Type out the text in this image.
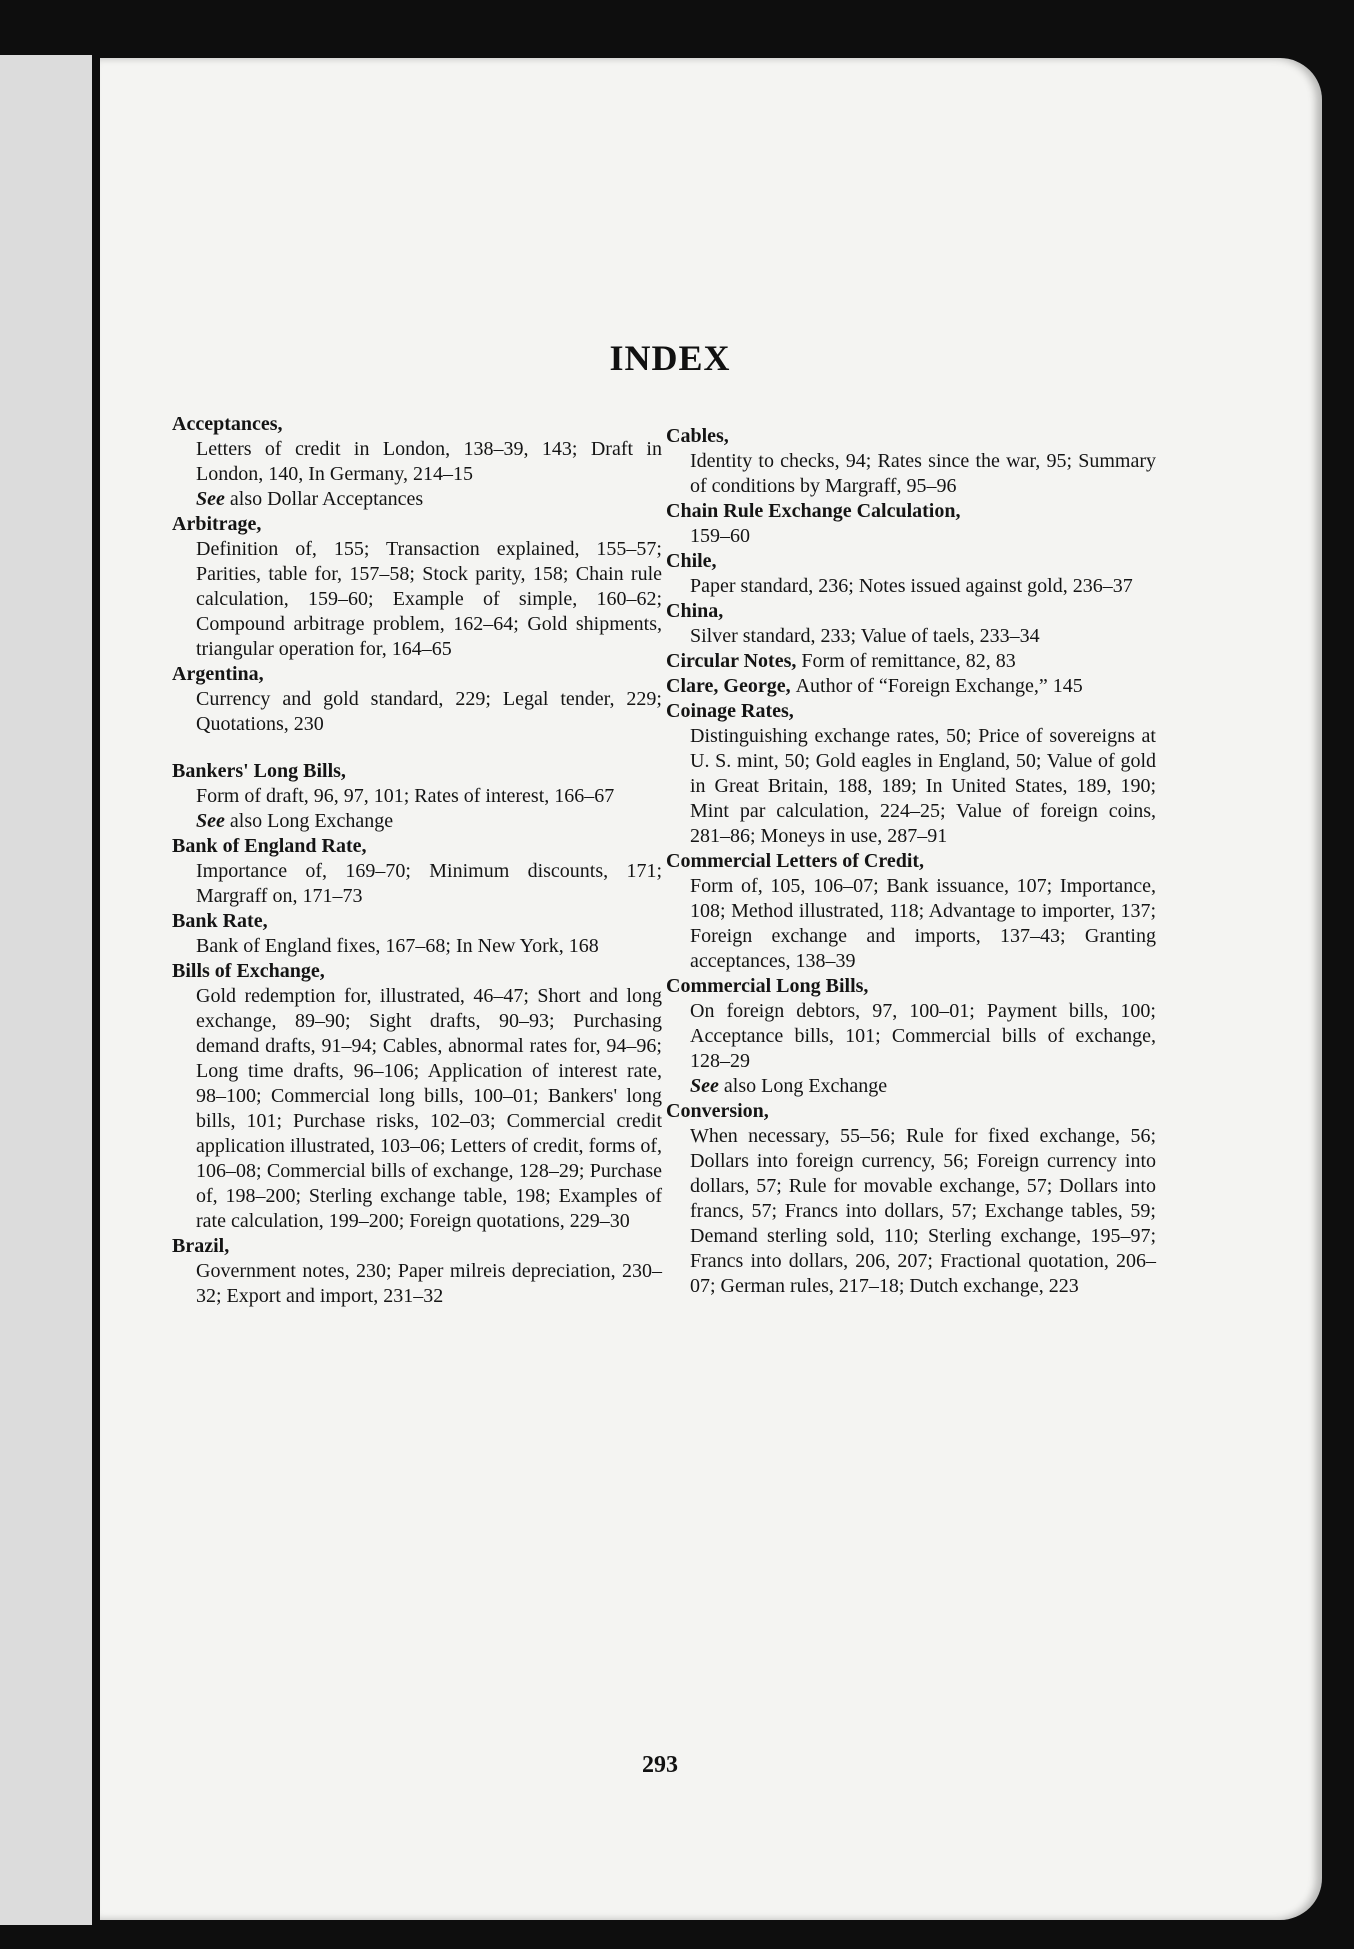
INDEX
Acceptances,
Letters of credit in London, 138–39, 143; Draft in London, 140, In Germany, 214–15
See also Dollar Acceptances
Arbitrage,
Definition of, 155; Transaction explained, 155–57; Parities, table for, 157–58; Stock parity, 158; Chain rule calculation, 159–60; Example of simple, 160–62; Compound arbitrage problem, 162–64; Gold shipments, triangular operation for, 164–65
Argentina,
Currency and gold standard, 229; Legal tender, 229; Quotations, 230
Bankers' Long Bills,
Form of draft, 96, 97, 101; Rates of interest, 166–67
See also Long Exchange
Bank of England Rate,
Importance of, 169–70; Minimum discounts, 171; Margraff on, 171–73
Bank Rate,
Bank of England fixes, 167–68; In New York, 168
Bills of Exchange,
Gold redemption for, illustrated, 46–47; Short and long exchange, 89–90; Sight drafts, 90–93; Purchasing demand drafts, 91–94; Cables, abnormal rates for, 94–96; Long time drafts, 96–106; Application of interest rate, 98–100; Commercial long bills, 100–01; Bankers' long bills, 101; Purchase risks, 102–03; Commercial credit application illustrated, 103–06; Letters of credit, forms of, 106–08; Commercial bills of exchange, 128–29; Purchase of, 198–200; Sterling exchange table, 198; Examples of rate calculation, 199–200; Foreign quotations, 229–30
Brazil,
Government notes, 230; Paper milreis depreciation, 230–32; Export and import, 231–32
Cables,
Identity to checks, 94; Rates since the war, 95; Summary of conditions by Margraff, 95–96
Chain Rule Exchange Calculation,
159–60
Chile,
Paper standard, 236; Notes issued against gold, 236–37
China,
Silver standard, 233; Value of taels, 233–34
Circular Notes, Form of remittance, 82, 83
Clare, George, Author of “Foreign Exchange,” 145
Coinage Rates,
Distinguishing exchange rates, 50; Price of sovereigns at U. S. mint, 50; Gold eagles in England, 50; Value of gold in Great Britain, 188, 189; In United States, 189, 190; Mint par calculation, 224–25; Value of foreign coins, 281–86; Moneys in use, 287–91
Commercial Letters of Credit,
Form of, 105, 106–07; Bank issuance, 107; Importance, 108; Method illustrated, 118; Advantage to importer, 137; Foreign exchange and imports, 137–43; Granting acceptances, 138–39
Commercial Long Bills,
On foreign debtors, 97, 100–01; Payment bills, 100; Acceptance bills, 101; Commercial bills of exchange, 128–29
See also Long Exchange
Conversion,
When necessary, 55–56; Rule for fixed exchange, 56; Dollars into foreign currency, 56; Foreign currency into dollars, 57; Rule for movable exchange, 57; Dollars into francs, 57; Francs into dollars, 57; Exchange tables, 59; Demand sterling sold, 110; Sterling exchange, 195–97; Francs into dollars, 206, 207; Fractional quotation, 206–07; German rules, 217–18; Dutch exchange, 223
293
